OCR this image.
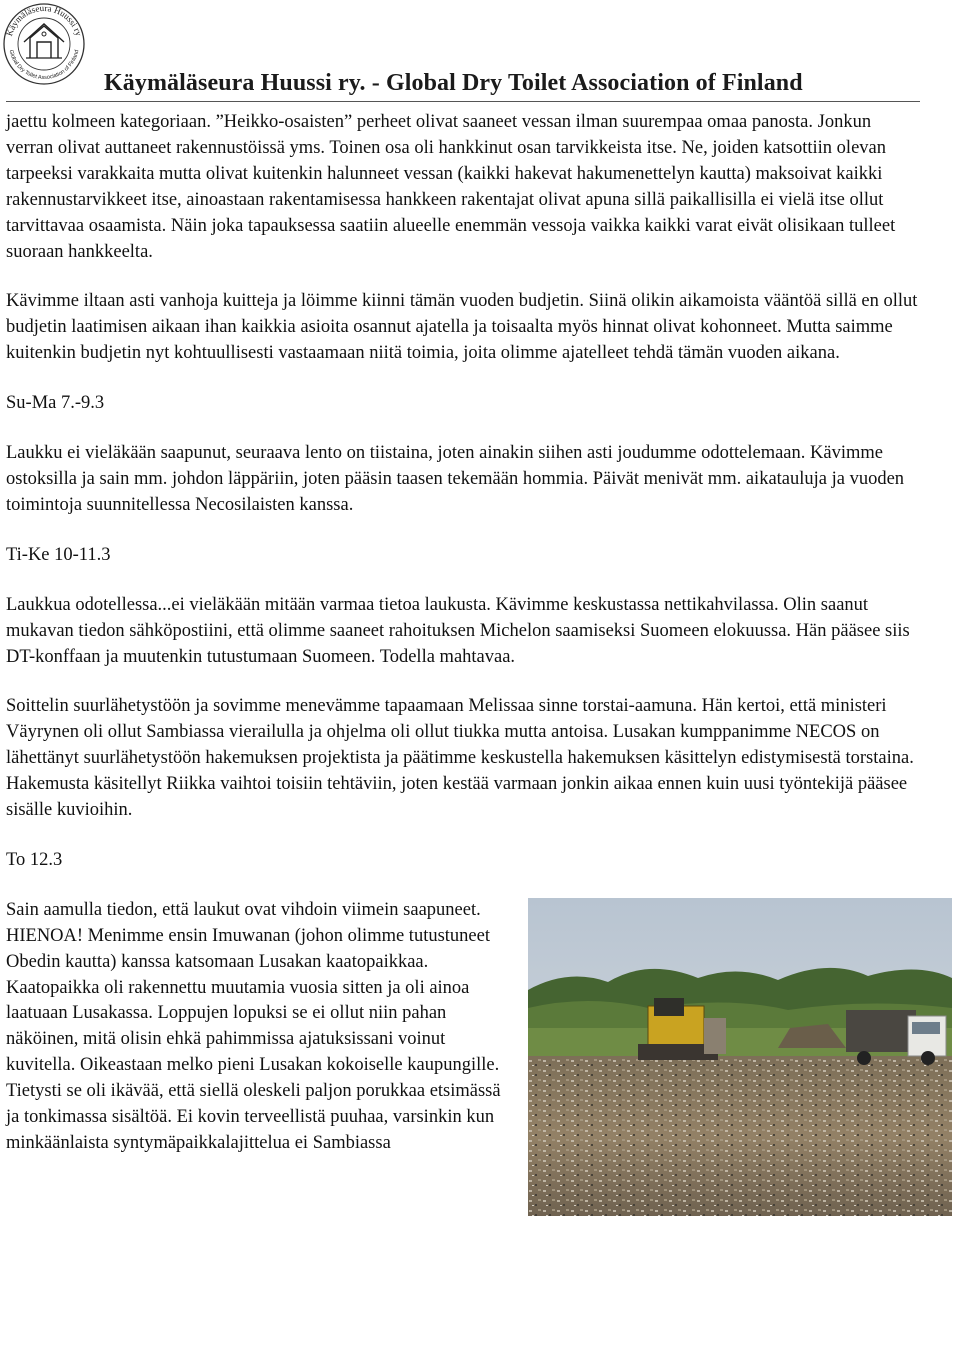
Käymäläseura Huussi ry
Global Dry Toilet Association of Finland
Käymäläseura Huussi ry. - Global Dry Toilet Association of Finland

jaettu kolmeen kategoriaan. ”Heikko-osaisten” perheet olivat saaneet vessan ilman suurempaa omaa panosta. Jonkun verran olivat auttaneet rakennustöissä yms. Toinen osa oli hankkinut osan tarvikkeista itse. Ne, joiden katsottiin olevan tarpeeksi varakkaita mutta olivat kuitenkin halunneet vessan (kaikki hakevat hakumenettelyn kautta) maksoivat kaikki rakennustarvikkeet itse, ainoastaan rakentamisessa hankkeen rakentajat olivat apuna sillä paikallisilla ei vielä itse ollut tarvittavaa osaamista. Näin joka tapauksessa saatiin alueelle enemmän vessoja vaikka kaikki varat eivät olisikaan tulleet suoraan hankkeelta.

Kävimme iltaan asti vanhoja kuitteja ja löimme kiinni tämän vuoden budjetin. Siinä olikin aikamoista vääntöä sillä en ollut budjetin laatimisen aikaan ihan kaikkia asioita osannut ajatella ja toisaalta myös hinnat olivat kohonneet. Mutta saimme kuitenkin budjetin nyt kohtuullisesti vastaamaan niitä toimia, joita olimme ajatelleet tehdä tämän vuoden aikana.

Su-Ma 7.-9.3

Laukku ei vieläkään saapunut, seuraava lento on tiistaina, joten ainakin siihen asti joudumme odottelemaan. Kävimme ostoksilla ja sain mm. johdon läppäriin, joten pääsin taasen tekemään hommia. Päivät menivät mm. aikatauluja ja vuoden toimintoja suunnitellessa Necosilaisten kanssa.

Ti-Ke 10-11.3

Laukkua odotellessa...ei vieläkään mitään varmaa tietoa laukusta. Kävimme keskustassa nettikahvilassa. Olin saanut mukavan tiedon sähköpostiini, että olimme saaneet rahoituksen Michelon saamiseksi Suomeen elokuussa. Hän pääsee siis DT-konffaan ja muutenkin tutustumaan Suomeen. Todella mahtavaa.

Soittelin suurlähetystöön ja sovimme menevämme tapaamaan Melissaa sinne torstai-aamuna. Hän kertoi, että ministeri Väyrynen oli ollut Sambiassa vierailulla ja ohjelma oli ollut tiukka mutta antoisa. Lusakan kumppanimme NECOS on lähettänyt suurlähetystöön hakemuksen projektista ja päätimme keskustella hakemuksen käsittelyn edistymisestä torstaina. Hakemusta käsitellyt Riikka vaihtoi toisiin tehtäviin, joten kestää varmaan jonkin aikaa ennen kuin uusi työntekijä pääsee sisälle kuvioihin.

To 12.3

Sain aamulla tiedon, että laukut ovat vihdoin viimein saapuneet. HIENOA! Menimme ensin Imuwanan (johon olimme tutustuneet Obedin kautta) kanssa katsomaan Lusakan kaatopaikkaa. Kaatopaikka oli rakennettu muutamia vuosia sitten ja oli ainoa laatuaan Lusakassa. Loppujen lopuksi se ei ollut niin pahan näköinen, mitä olisin ehkä pahimmissa ajatuksissani voinut kuvitella. Oikeastaan melko pieni Lusakan kokoiselle kaupungille. Tietysti se oli ikävää, että siellä oleskeli paljon porukkaa etsimässä ja tonkimassa sisältöä. Ei kovin terveellistä puuhaa, varsinkin kun minkäänlaista syntymäpaikkalajittelua ei Sambiassa
